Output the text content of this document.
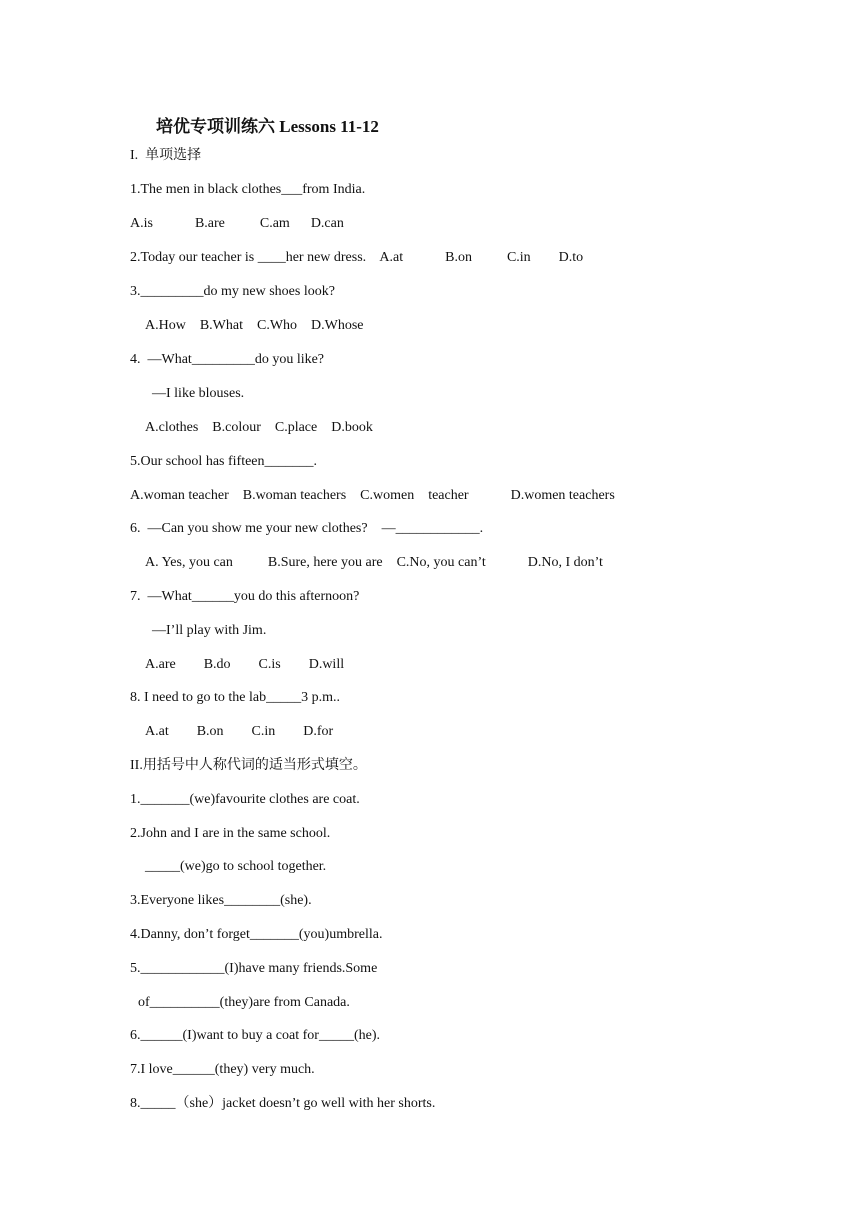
培优专项训练六 Lessons 11-12
I.  单项选择
1.The men in black clothes___from India.
A.is            B.are          C.am      D.can
2.Today our teacher is ____her new dress.    A.at            B.on          C.in        D.to
3._________do my new shoes look?
A.How    B.What    C.Who    D.Whose
4.  —What_________do you like?
—I like blouses.
A.clothes    B.colour    C.place    D.book
5.Our school has fifteen_______.
A.woman teacher    B.woman teachers    C.women    teacher            D.women teachers
6.  —Can you show me your new clothes?    —____________.
A. Yes, you can          B.Sure, here you are    C.No, you can’t            D.No, I don’t
7.  —What______you do this afternoon?
—I’ll play with Jim.
A.are        B.do        C.is        D.will
8. I need to go to the lab_____3 p.m..
A.at        B.on        C.in        D.for
II.用括号中人称代词的适当形式填空。
1._______(we)favourite clothes are coat.
2.John and I are in the same school.
_____(we)go to school together.
3.Everyone likes________(she).
4.Danny, don’t forget_______(you)umbrella.
5.____________(I)have many friends.Some
of__________(they)are from Canada.
6.______(I)want to buy a coat for_____(he).
7.I love______(they) very much.
8._____（she）jacket doesn’t go well with her shorts.
